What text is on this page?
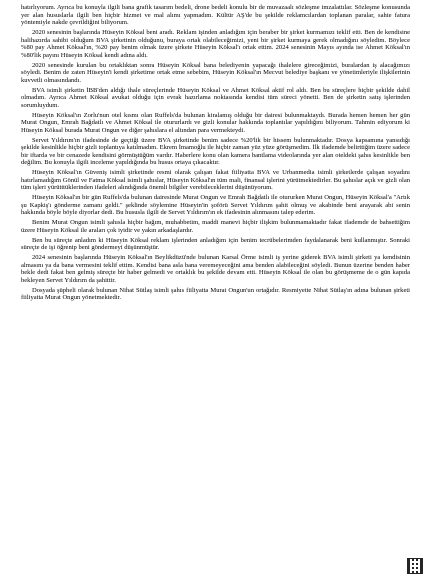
hatırlıyorum. Ayrıca bu konuyla ilgili bana grafik tasarım bedeli, drone bedeli konulu bir de muvazaalı sözleşme imzalattılar. Sözleşme konusunda yer alan hususlarla ilgili ben hiçbir hizmet ve mal alımı yapmadım. Kültür AŞ'de bu şekilde reklamcılardan toplanan paralar, sahte fatura yöntemiyle nakde çevrildiğini biliyorum.

2020 senesinin başlarında Hüseyin Köksal beni aradı. Reklam işinden anladığım için beraber bir şirket kurmamızı teklif etti. Ben de kendisine halihazırda sahibi olduğum BVA şirketinin olduğunu, buraya ortak olabileceğimizi, yeni bir şirket kurmaya gerek olmadığını söyledim. Böylece %80 pay Ahmet Köksal'ın, %20 pay benim olmak üzere şirkete Hüseyin Köksal'ı ortak ettim. 2024 senesinin Mayıs ayında ise Ahmet Köksal'ın %80'lik payını Hüseyin Köksal kendi adına aldı.

2020 senesinde kurulan bu ortaklıktan sonra Hüseyin Köksal bana belediyenin yapacağı ihalelere gireceğimizi, buralardan iş alacağımızı söyledi. Benim de zaten Hüseyin'i kendi şirketime ortak etme sebebim, Hüseyin Köksal'ın Mecvut belediye başkanı ve yönetimleriyle ilişkilerinin kuvvetli olmasındandı.

BVA isimli şirketin İBB'den aldığı ihale süreçlerinde Hüseyin Köksal ve Ahmet Köksal aktif rol aldı. Ben bu süreçlere hiçbir şekilde dahil olmadım. Ayrıca Ahmet Köksal avukat olduğu için evrak hazırlama noktasında kendisi tüm süreci yönetti. Ben de şirketin satış işlerinden sorumluydum.

Hüseyin Köksal'ın Zorlu'nun otel kısmı olan Ruffels'da bulunan kiralamış olduğu bir dairesi bulunmaktaydı. Burada hemen hemen her gün Murat Ongun, Emrah Bağdatlı ve Ahmet Köksal ile otururlardı ve gizli konular hakkında toplantılar yapıldığını biliyorum. Tahmin ediyorum ki Hüseyin Köksal burada Murat Ongun ve diğer şahıslara el altından para vermekteydi.

Servet Yıldırım'ın ifadesinde de geçtiği üzere BVA şirketinde benim sadece %20'lik bir hissem bulunmaktadır. Dosya kapsamına yansıdığı şekilde kesinlikle hiçbir gizli toplantıya katılmadım. Ekrem İmamoğlu ile hiçbir zaman yüz yüze görüşmedim. İlk ifademde belirttiğim üzere sadece bir iftarda ve bir cenazede kendisini görmüştüğüm vardır. Haberlere konu olan kamera bantlama videolarında yer alan oteldeki şahıs kesinlikle ben değilim. Bu konuyla ilgili inceleme yapıldığında bu husus ortaya çıkacaktır.

Hüseyin Köksal'ın Güveniş isimli şirketinde resmi olarak çalışan fakat fiiliyatta BVA ve Urbanmedia isimli şirketlerde çalışan soyadını hatırlamadığım Gönül ve Fatma Köksal isimli şahıslar, Hüseyin Köksal'ın tüm mali, finansal işlerini yürütmektedirler. Bu şahıslar açık ve gizli olan tüm işleri yürütttüklerinden ifadeleri alındığında önemli bilgiler verebileceklerini düşünüyorum.

Hüseyin Köksal'ın bir gün Ruffels'da bulunan dairesinde Murat Ongun ve Emrah Bağdatlı ile otururken Murat Ongun, Hüseyin Köksal'a "Artık şu Kapkiş'ı gönderme zamanı geldi." şeklinde söylemine Hüseyin'in şoförü Servet Yıldırım şahit olmuş ve akabinde beni arayarak abi senin hakkında böyle böyle diyorlar dedi. Bu hususla ilgili de Servet Yıldırım'ın ek ifadesinin alınmasını talep ederim.

Benim Murat Ongun isimli şahısla hiçbir bağım, muhabbetim, maddi manevi hiçbir ilişkim bulunmamaktadır fakat ifademde de bahsettiğim üzere Hüseyin Köksal ile araları çok iyidir ve yakın arkadaşlardır.

Ben bu süreçte anladım ki Hüseyin Köksal reklam işlerinden anladığım için benim tecrübelerimden faydalanarak beni kullanmıştır. Sonraki süreçte de işi öğrenip beni göndermeyi düşünmüştür.

2024 senesinin başlarında Hüseyin Köksal'ın Beylikdüzü'nde bulunan Karsal Örme isimli iş yerine giderek BVA isimli şirketi ya kendisinin almasını ya da bana vermesini teklif ettim. Kendisi bana asla bana veremeyeceğini ama benden alabileceğini söyledi. Bunun üzerine benden haber bekle dedi fakat ben gelmiş süreçte bir haber gelmedi ve ortaklık bu şekilde devam etti. Hüseyin Köksal ile olan bu görüşmeme de o gün kapıda bekleyen Servet Yıldırım da şahittir.

Dosyada şüpheli olarak bulunan Nihat Sütlaş isimli şahıs fiiliyatta Murat Ongun'un ortağıdır. Resmiyette Nihat Sütlaş'ın adına bulunan şirketi fiiliyatta Murat Ongun yönetmektedir.
